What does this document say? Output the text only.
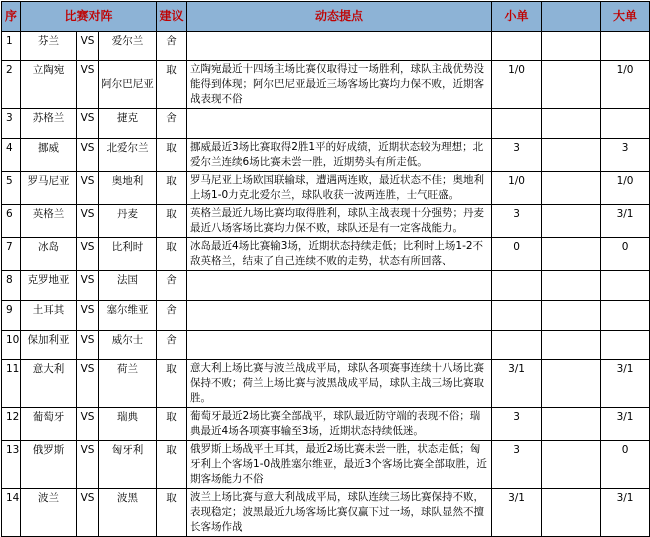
序	比赛对阵			建议	动态提点	小单		大单
1	芬兰	VS	爱尔兰	舍				
2	立陶宛	VS	阿尔巴尼亚	取	立陶宛最近十四场主场比赛仅取得过一场胜利，球队主战优势没能得到体现；阿尔巴尼亚最近三场客场比赛均力保不败，近期客战表现不俗	1/0		1/0
3	苏格兰	VS	捷克	舍				
4	挪威	VS	北爱尔兰	取	挪威最近3场比赛取得2胜1平的好成绩，近期状态较为理想；北爱尔兰连续6场比赛未尝一胜，近期势头有所走低。	3		3
5	罗马尼亚	VS	奥地利	取	罗马尼亚上场欧国联输球，遭遇两连败，最近状态不佳；奥地利上场1-0力克北爱尔兰，球队收获一波两连胜，士气旺盛。	1/0		1/0
6	英格兰	VS	丹麦	取	英格兰最近九场比赛均取得胜利，球队主战表现十分强势；丹麦最近八场客场比赛均力保不败，球队还是有一定客战能力。	3		3/1
7	冰岛	VS	比利时	取	冰岛最近4场比赛输3场，近期状态持续走低；比利时上场1-2不敌英格兰，结束了自己连续不败的走势，状态有所回落、	0		0
8	克罗地亚	VS	法国	舍				
9	土耳其	VS	塞尔维亚	舍				
10	保加利亚	VS	威尔士	舍				
11	意大利	VS	荷兰	取	意大利上场比赛与波兰战成平局，球队各项赛事连续十八场比赛保持不败；荷兰上场比赛与波黑战成平局，球队主战三场比赛取胜。	3/1		3/1
12	葡萄牙	VS	瑞典	取	葡萄牙最近2场比赛全部战平，球队最近防守端的表现不俗；瑞典最近4场各项赛事输至3场，近期状态持续低迷。	3		3/1
13	俄罗斯	VS	匈牙利	取	俄罗斯上场战平土耳其，最近2场比赛未尝一胜，状态走低；匈牙利上个客场1-0战胜塞尔维亚，最近3个客场比赛全部取胜，近期客场能力不俗	3		0
14	波兰	VS	波黑	取	波兰上场比赛与意大利战成平局，球队连续三场比赛保持不败，表现稳定；波黑最近九场客场比赛仅赢下过一场，球队显然不擅长客场作战	3/1		3/1
